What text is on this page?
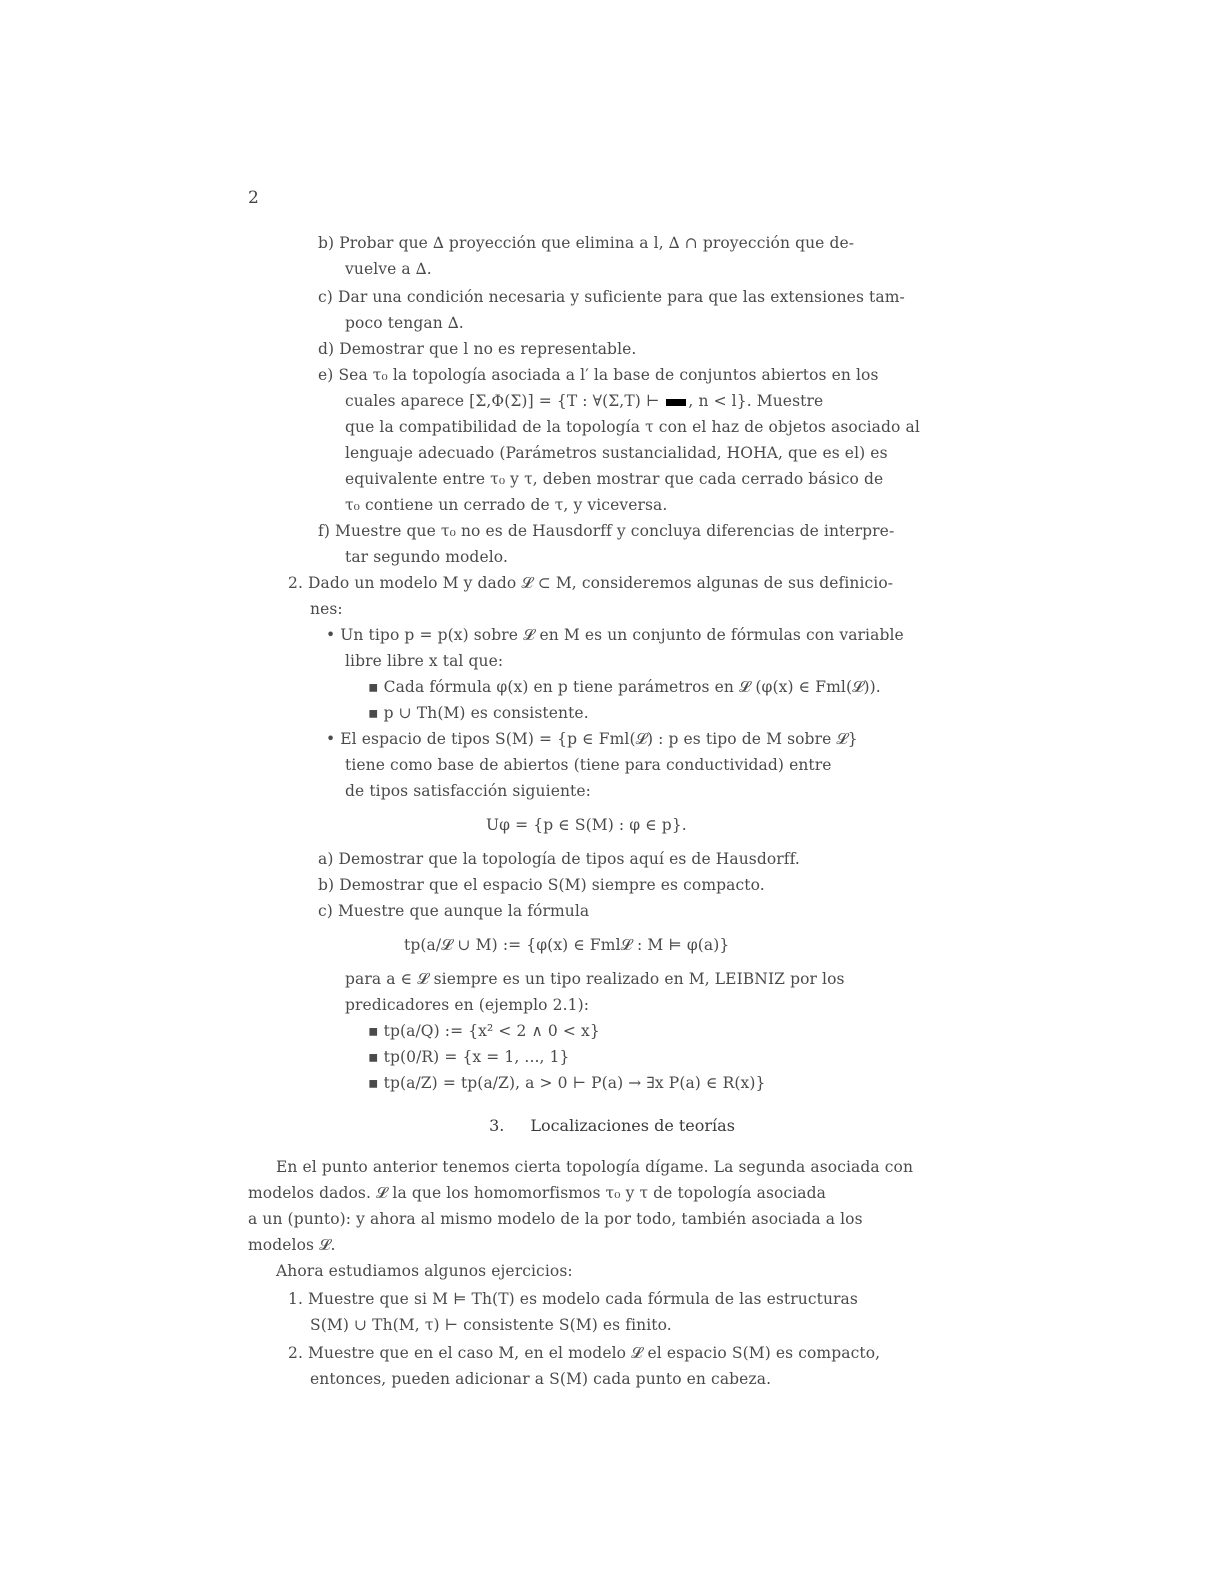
2
b) Probar que ∆ proyección que elimina a l, ∆ ∩ proyección que de-
vuelve a ∆.
c) Dar una condición necesaria y suficiente para que las extensiones tam-
poco tengan ∆.
d) Demostrar que l no es representable.
e) Sea τ₀ la topología asociada a l′ la base de conjuntos abiertos en los
cuales aparece [Σ,Φ(Σ)] = {T : ∀(Σ,T) ⊢ , n < l}. Muestre
que la compatibilidad de la topología τ con el haz de objetos asociado al
lenguaje adecuado (Parámetros sustancialidad, HOHA, que es el) es
equivalente entre τ₀ y τ, deben mostrar que cada cerrado básico de
τ₀ contiene un cerrado de τ, y viceversa.
f) Muestre que τ₀ no es de Hausdorff y concluya diferencias de interpre-
tar segundo modelo.
2. Dado un modelo M y dado 𝓛 ⊂ M, consideremos algunas de sus definicio-
nes:
• Un tipo p = p(x) sobre 𝓛 en M es un conjunto de fórmulas con variable
libre libre x tal que:
▪ Cada fórmula φ(x) en p tiene parámetros en 𝓛 (φ(x) ∈ Fml(𝓛)).
▪ p ∪ Th(M) es consistente.
• El espacio de tipos S(M) = {p ∈ Fml(𝓛) : p es tipo de M sobre 𝓛}
tiene como base de abiertos (tiene para conductividad) entre
de tipos satisfacción siguiente:
Uφ = {p ∈ S(M) : φ ∈ p}.
a) Demostrar que la topología de tipos aquí es de Hausdorff.
b) Demostrar que el espacio S(M) siempre es compacto.
c) Muestre que aunque la fórmula
tp(a/𝓛 ∪ M) := {φ(x) ∈ Fml𝓛 : M ⊨ φ(a)}
para a ∈ 𝓛 siempre es un tipo realizado en M, LEIBNIZ por los
predicadores en (ejemplo 2.1):
▪ tp(a/Q) := {x² < 2 ∧ 0 < x}
▪ tp(0/R) = {x = 1, ..., 1}
▪ tp(a/Z) = tp(a/Z), a > 0 ⊢ P(a) → ∃x P(a) ∈ R(x)}
3. Localizaciones de teorías
En el punto anterior tenemos cierta topología dígame. La segunda asociada con
modelos dados. 𝓛 la que los homomorfismos τ₀ y τ de topología asociada
a un (punto): y ahora al mismo modelo de la por todo, también asociada a los
modelos 𝓛.
Ahora estudiamos algunos ejercicios:
1. Muestre que si M ⊨ Th(T) es modelo cada fórmula de las estructuras
S(M) ∪ Th(M, τ) ⊢ consistente S(M) es finito.
2. Muestre que en el caso M, en el modelo 𝓛 el espacio S(M) es compacto,
entonces, pueden adicionar a S(M) cada punto en cabeza.
